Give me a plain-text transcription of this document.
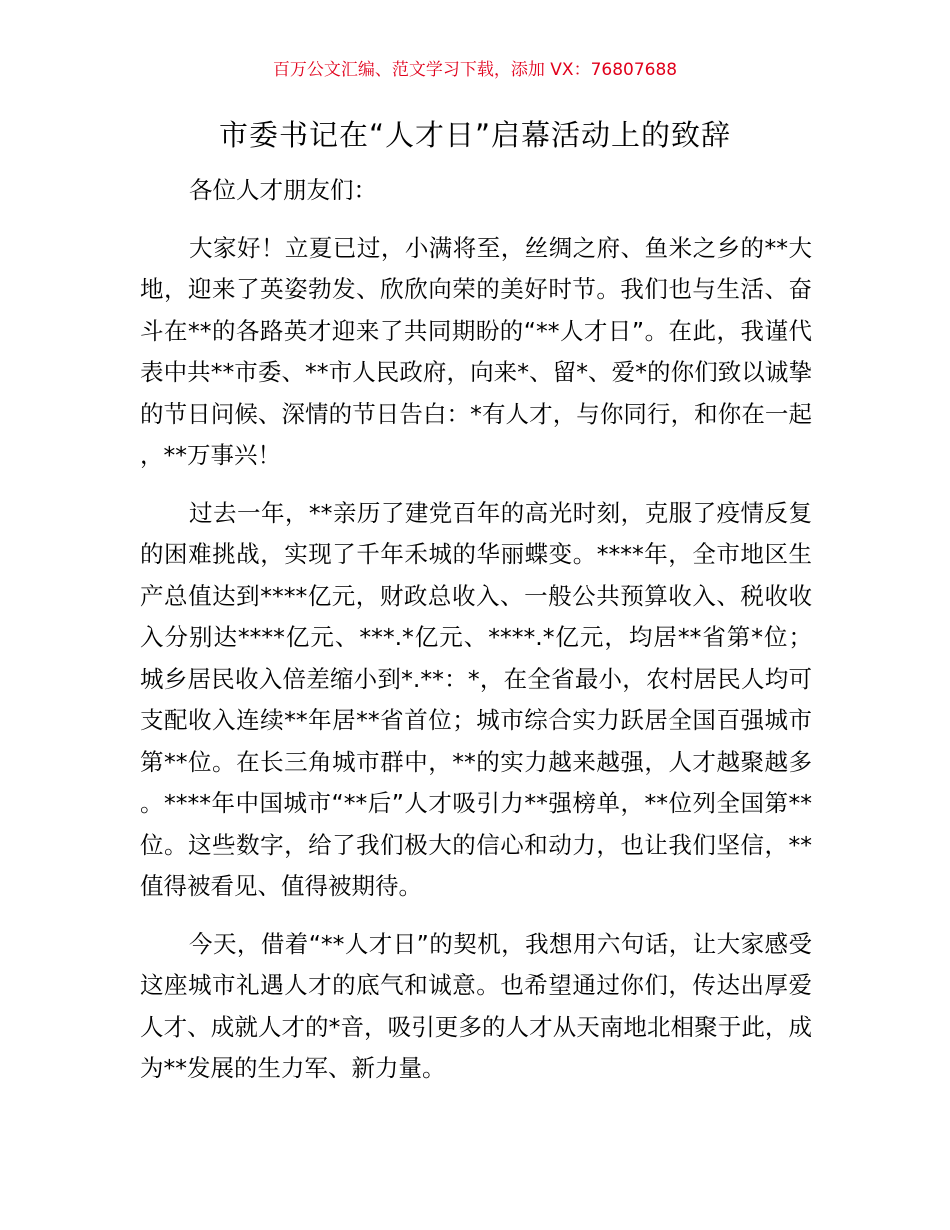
百万公文汇编、范文学习下载，添加 VX：76807688
市委书记在“人才日”启幕活动上的致辞

各位人才朋友们：

大家好！立夏已过，小满将至，丝绸之府、鱼米之乡的**大地，迎来了英姿勃发、欣欣向荣的美好时节。我们也与生活、奋斗在**的各路英才迎来了共同期盼的“**人才日”。在此，我谨代表中共**市委、**市人民政府，向来*、留*、爱*的你们致以诚挚的节日问候、深情的节日告白：*有人才，与你同行，和你在一起，**万事兴！

过去一年，**亲历了建党百年的高光时刻，克服了疫情反复的困难挑战，实现了千年禾城的华丽蝶变。****年，全市地区生产总值达到****亿元，财政总收入、一般公共预算收入、税收收入分别达****亿元、***.*亿元、****.*亿元，均居**省第*位；城乡居民收入倍差缩小到*.**：*，在全省最小，农村居民人均可支配收入连续**年居**省首位；城市综合实力跃居全国百强城市第**位。在长三角城市群中，**的实力越来越强，人才越聚越多。****年中国城市“**后”人才吸引力**强榜单，**位列全国第**位。这些数字，给了我们极大的信心和动力，也让我们坚信，**值得被看见、值得被期待。

今天，借着“**人才日”的契机，我想用六句话，让大家感受这座城市礼遇人才的底气和诚意。也希望通过你们，传达出厚爱人才、成就人才的*音，吸引更多的人才从天南地北相聚于此，成为**发展的生力军、新力量。
